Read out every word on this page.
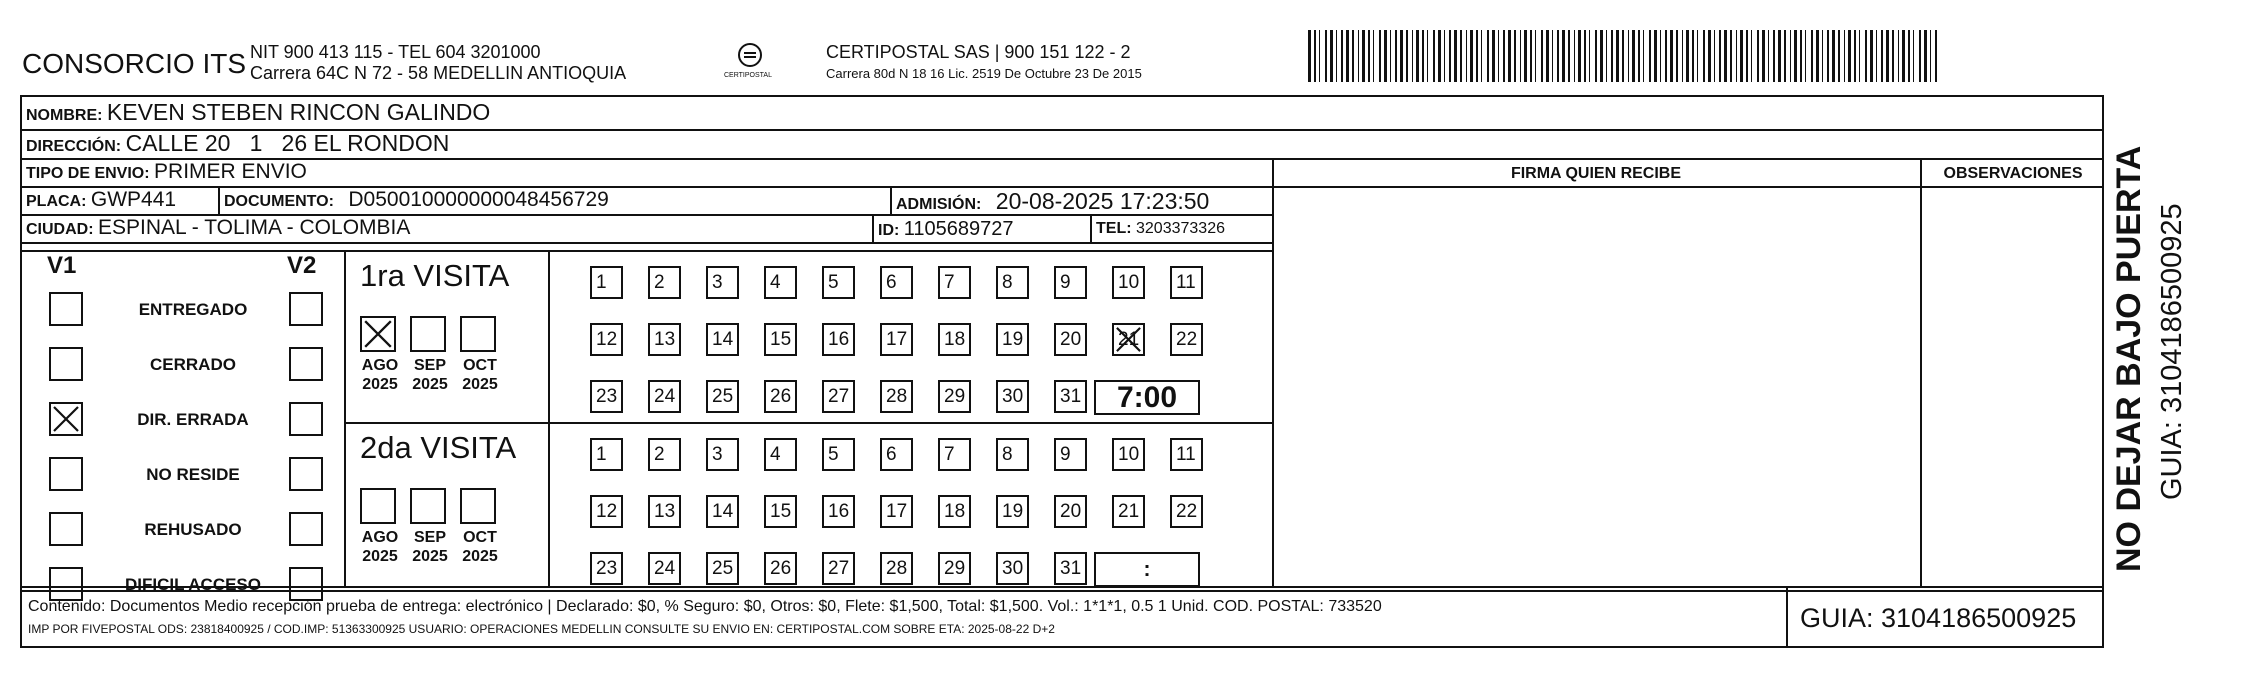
CONSORCIO ITS NIT 900 413 115 - TEL 604 3201000
Carrera 64C N 72 - 58 MEDELLIN ANTIOQUIA	CERTIPOSTAL
CERTIPOSTAL SAS | 900 151 122 - 2
Carrera 80d N 18 16 Lic. 2519 De Octubre 23 De 2015
NOMBRE: KEVEN STEBEN RINCON GALINDO
DIRECCIÓN: CALLE 20   1   26 EL RONDON
TIPO DE ENVIO: PRIMER ENVIO
PLACA: GWP441	DOCUMENTO: D050010000000048456729	ADMISIÓN: 20-08-2025 17:23:50
CIUDAD: ESPINAL - TOLIMA - COLOMBIA	ID: 1105689727	TEL: 3203373326
FIRMA QUIEN RECIBE	OBSERVACIONES
V1	V2
Contenido: Documentos Medio recepción prueba de entrega: electrónico | Declarado: $0, % Seguro: $0, Otros: $0, Flete: $1,500, Total: $1,500. Vol.: 1*1*1, 0.5 1 Unid. COD. POSTAL: 733520
IMP POR FIVEPOSTAL ODS: 23818400925 / COD.IMP: 51363300925 USUARIO: OPERACIONES MEDELLIN CONSULTE SU ENVIO EN: CERTIPOSTAL.COM SOBRE ETA: 2025-08-22 D+2	GUIA: 3104186500925
NO DEJAR BAJO PUERTA GUIA: 3104186500925
ENTREGADO
CERRADO
DIR. ERRADA
NO RESIDE
REHUSADO
DIFICIL ACCESO
1ra VISITA
AGO
2025
SEP
2025
OCT
2025
1	2	3	4	5	6	7	8	9	10	11
12	13	14	15	16	17	18	19	20	21	22
23	24	25	26	27	28	29	30	31	7:00
2da VISITA
AGO
2025
SEP
2025
OCT
2025
1	2	3	4	5	6	7	8	9	10	11
12	13	14	15	16	17	18	19	20	21	22
23	24	25	26	27	28	29	30	31	:
